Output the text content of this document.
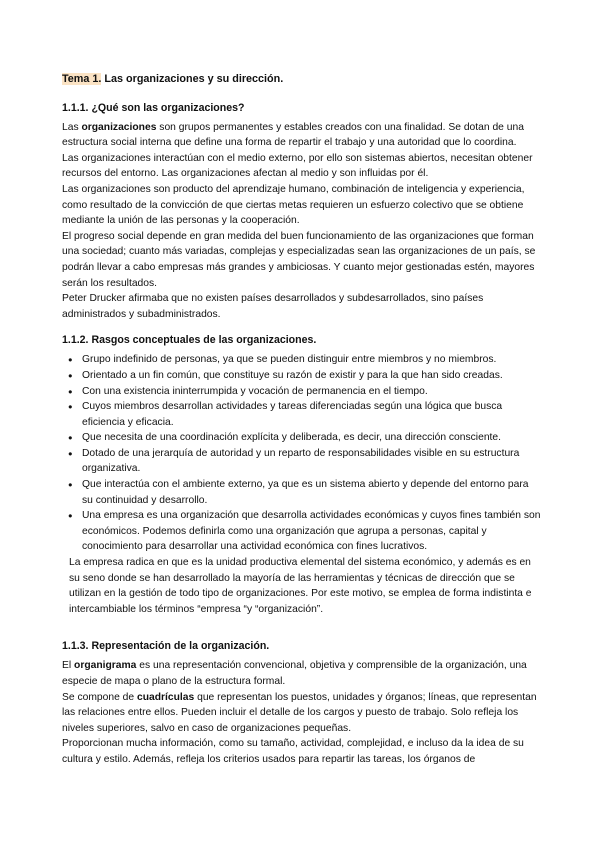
Tema 1. Las organizaciones y su dirección.

1.1.1. ¿Qué son las organizaciones?

Las organizaciones son grupos permanentes y estables creados con una finalidad. Se dotan de una estructura social interna que define una forma de repartir el trabajo y una autoridad que lo coordina.

Las organizaciones interactúan con el medio externo, por ello son sistemas abiertos, necesitan obtener recursos del entorno. Las organizaciones afectan al medio y son influidas por él.

Las organizaciones son producto del aprendizaje humano, combinación de inteligencia y experiencia, como resultado de la convicción de que ciertas metas requieren un esfuerzo colectivo que se obtiene mediante la unión de las personas y la cooperación.

El progreso social depende en gran medida del buen funcionamiento de las organizaciones que forman una sociedad; cuanto más variadas, complejas y especializadas sean las organizaciones de un país, se podrán llevar a cabo empresas más grandes y ambiciosas. Y cuanto mejor gestionadas estén, mayores serán los resultados.

Peter Drucker afirmaba que no existen países desarrollados y subdesarrollados, sino países administrados y subadministrados.

1.1.2. Rasgos conceptuales de las organizaciones.
● Grupo indefinido de personas, ya que se pueden distinguir entre miembros y no miembros.
● Orientado a un fin común, que constituye su razón de existir y para la que han sido creadas.
● Con una existencia ininterrumpida y vocación de permanencia en el tiempo.
● Cuyos miembros desarrollan actividades y tareas diferenciadas según una lógica que busca eficiencia y eficacia.
● Que necesita de una coordinación explícita y deliberada, es decir, una dirección consciente.
● Dotado de una jerarquía de autoridad y un reparto de responsabilidades visible en su estructura organizativa.
● Que interactúa con el ambiente externo, ya que es un sistema abierto y depende del entorno para su continuidad y desarrollo.
● Una empresa es una organización que desarrolla actividades económicas y cuyos fines también son económicos. Podemos definirla como una organización que agrupa a personas, capital y conocimiento para desarrollar una actividad económica con fines lucrativos.

La empresa radica en que es la unidad productiva elemental del sistema económico, y además es en su seno donde se han desarrollado la mayoría de las herramientas y técnicas de dirección que se utilizan en la gestión de todo tipo de organizaciones. Por este motivo, se emplea de forma indistinta e intercambiable los términos “empresa “y “organización”.

1.1.3. Representación de la organización.

El organigrama es una representación convencional, objetiva y comprensible de la organización, una especie de mapa o plano de la estructura formal.

Se compone de cuadrículas que representan los puestos, unidades y órganos; líneas, que representan las relaciones entre ellos. Pueden incluir el detalle de los cargos y puesto de trabajo. Solo refleja los niveles superiores, salvo en caso de organizaciones pequeñas.

Proporcionan mucha información, como su tamaño, actividad, complejidad, e incluso da la idea de su cultura y estilo. Además, refleja los criterios usados para repartir las tareas, los órganos de
